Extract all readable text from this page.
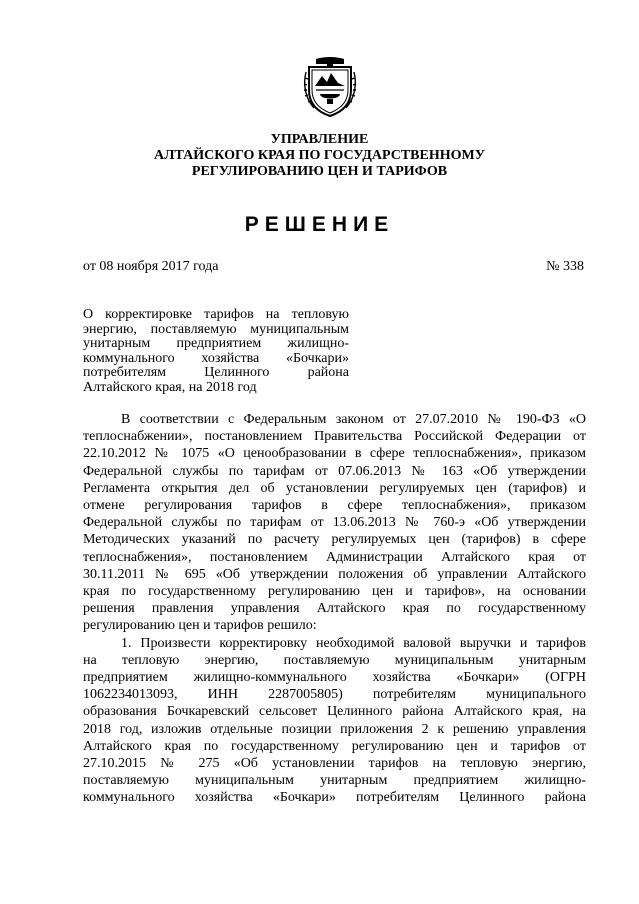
УПРАВЛЕНИЕ
АЛТАЙСКОГО КРАЯ ПО ГОСУДАРСТВЕННОМУ
РЕГУЛИРОВАНИЮ ЦЕН И ТАРИФОВ
РЕШЕНИЕ
от 08 ноября 2017 года	№ 338
О корректировке тарифов на тепловую
энергию, поставляемую муниципальным
унитарным предприятием жилищно-
коммунального хозяйства «Бочкари»
потребителям Целинного района
Алтайского края, на 2018 год
В соответствии с Федеральным законом от 27.07.2010 № 190-ФЗ «О
теплоснабжении», постановлением Правительства Российской Федерации от
22.10.2012 № 1075 «О ценообразовании в сфере теплоснабжения», приказом
Федеральной службы по тарифам от 07.06.2013 № 163 «Об утверждении
Регламента открытия дел об установлении регулируемых цен (тарифов) и
отмене регулирования тарифов в сфере теплоснабжения», приказом
Федеральной службы по тарифам от 13.06.2013 № 760-э «Об утверждении
Методических указаний по расчету регулируемых цен (тарифов) в сфере
теплоснабжения», постановлением Администрации Алтайского края от
30.11.2011 № 695 «Об утверждении положения об управлении Алтайского
края по государственному регулированию цен и тарифов», на основании
решения правления управления Алтайского края по государственному
регулированию цен и тарифов решило:
1. Произвести корректировку необходимой валовой выручки и тарифов
на тепловую энергию, поставляемую муниципальным унитарным
предприятием жилищно-коммунального хозяйства «Бочкари» (ОГРН
1062234013093, ИНН 2287005805) потребителям муниципального
образования Бочкаревский сельсовет Целинного района Алтайского края, на
2018 год, изложив отдельные позиции приложения 2 к решению управления
Алтайского края по государственному регулированию цен и тарифов от
27.10.2015 № 275 «Об установлении тарифов на тепловую энергию,
поставляемую муниципальным унитарным предприятием жилищно-
коммунального хозяйства «Бочкари» потребителям Целинного района
